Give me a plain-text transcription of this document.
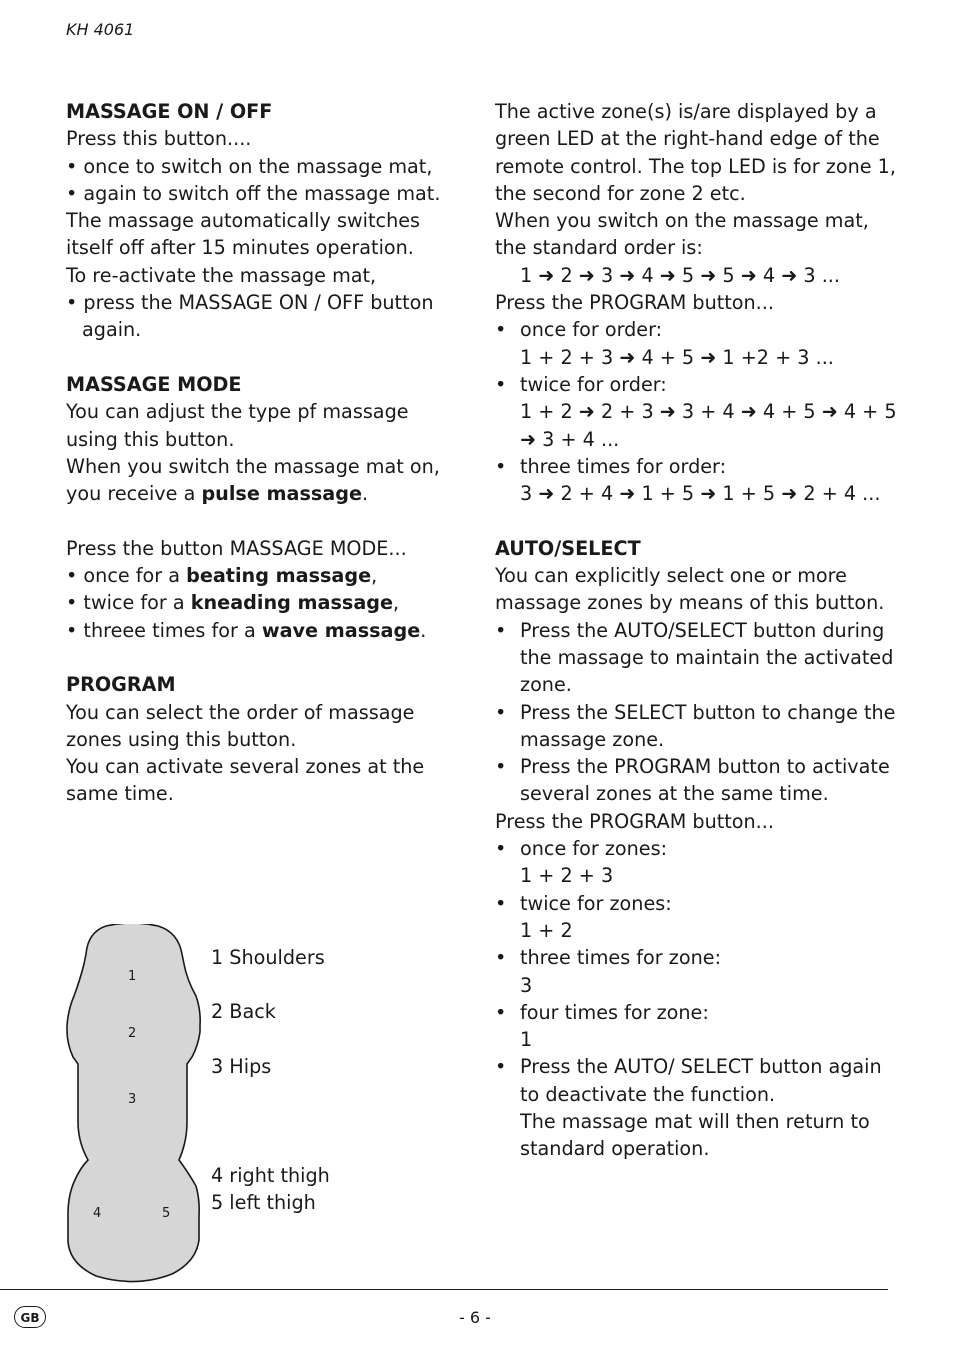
KH 4061

MASSAGE ON / OFF

Press this button....

• once to switch on the massage mat,

• again to switch off the massage mat.

The massage automatically switches itself off after 15 minutes operation.

To re-activate the massage mat,

• press the MASSAGE ON / OFF button again.

MASSAGE MODE

You can adjust the type pf massage using this button.

When you switch the massage mat on, you receive a pulse massage.

Press the button MASSAGE MODE...

• once for a beating massage,

• twice for a kneading massage,

• threee times for a wave massage.

PROGRAM

You can select the order of massage zones using this button.

You can activate several zones at the same time.

The active zone(s) is/are displayed by a green LED at the right-hand edge of the remote control. The top LED is for zone 1, the second for zone 2 etc.

When you switch on the massage mat, the standard order is:

1 ➜ 2 ➜ 3 ➜ 4 ➜ 5 ➜ 5 ➜ 4 ➜ 3 ...

Press the PROGRAM button...

• once for order:

1 + 2 + 3 ➜ 4 + 5 ➜ 1 +2 + 3 ...

• twice for order:

1 + 2 ➜ 2 + 3 ➜ 3 + 4 ➜ 4 + 5 ➜ 4 + 5 ➜ 3 + 4 ...

• three times for order:

3 ➜ 2 + 4 ➜ 1 + 5 ➜ 1 + 5 ➜ 2 + 4 ...

AUTO/SELECT

You can explicitly select one or more massage zones by means of this button.

• Press the AUTO/SELECT button during the massage to maintain the activated zone.

• Press the SELECT button to change the massage zone.

• Press the PROGRAM button to activate several zones at the same time.

Press the PROGRAM button...

• once for zones:

1 + 2 + 3

• twice for zones:

1 + 2

• three times for zone:

3

• four times for zone:

1

• Press the AUTO/ SELECT button again to deactivate the function.

The massage mat will then return to standard operation.

1
2
3
4	5
1 Shoulders
2 Back
3 Hips
4 right thigh
5 left thigh
GB	- 6 -
